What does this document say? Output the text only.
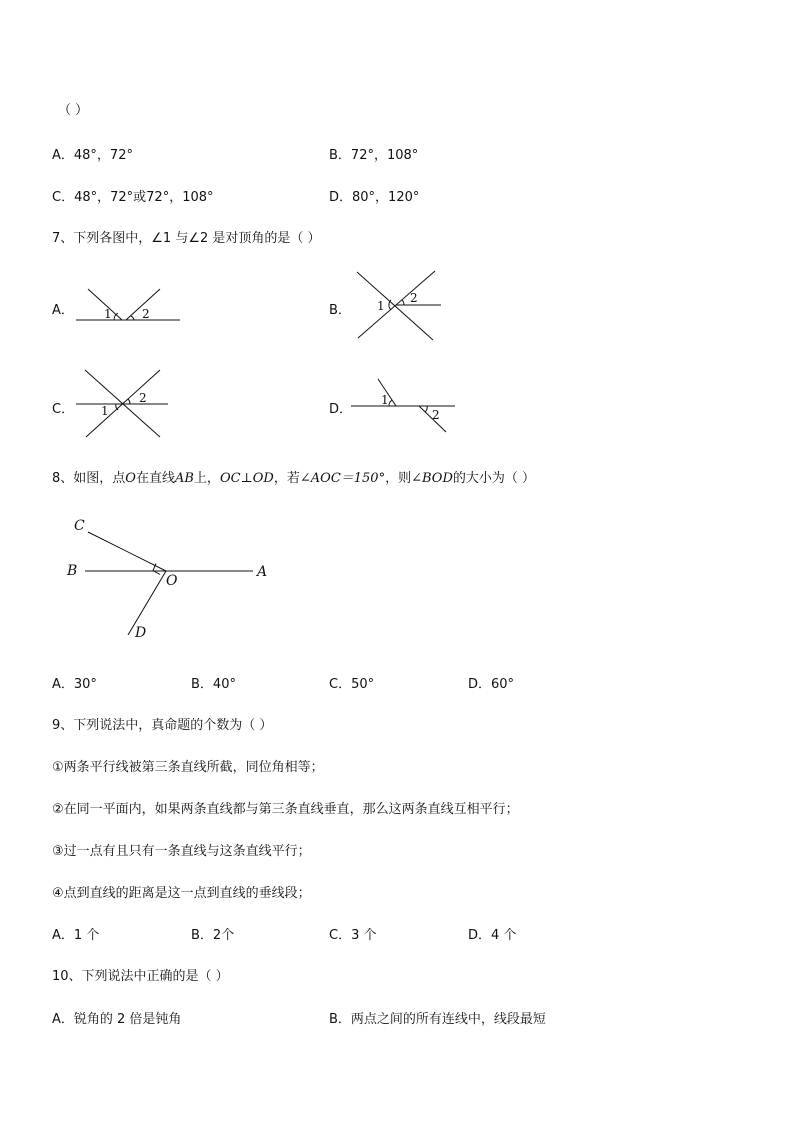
（ ）
A．48°，72°	B．72°，108°
C．48°，72°或72°，108°	D．80°，120°
7、下列各图中，∠1 与∠2 是对顶角的是（ ）
A．	1	2	B． 1
2
C． 1
2
D．
1
2
8、如图，点O在直线AB上，OC⊥OD，若∠AOC＝150°，则∠BOD的大小为（ ）
C
B
O
A
D
A．30°	B．40°	C．50°	D．60°
9、下列说法中，真命题的个数为（ ）
①两条平行线被第三条直线所截，同位角相等；
②在同一平面内，如果两条直线都与第三条直线垂直，那么这两条直线互相平行；
③过一点有且只有一条直线与这条直线平行；
④点到直线的距离是这一点到直线的垂线段；
A．1 个	B．2个	C．3 个	D．4 个
10、下列说法中正确的是（ ）
A．锐角的 2 倍是钝角	B．两点之间的所有连线中，线段最短
